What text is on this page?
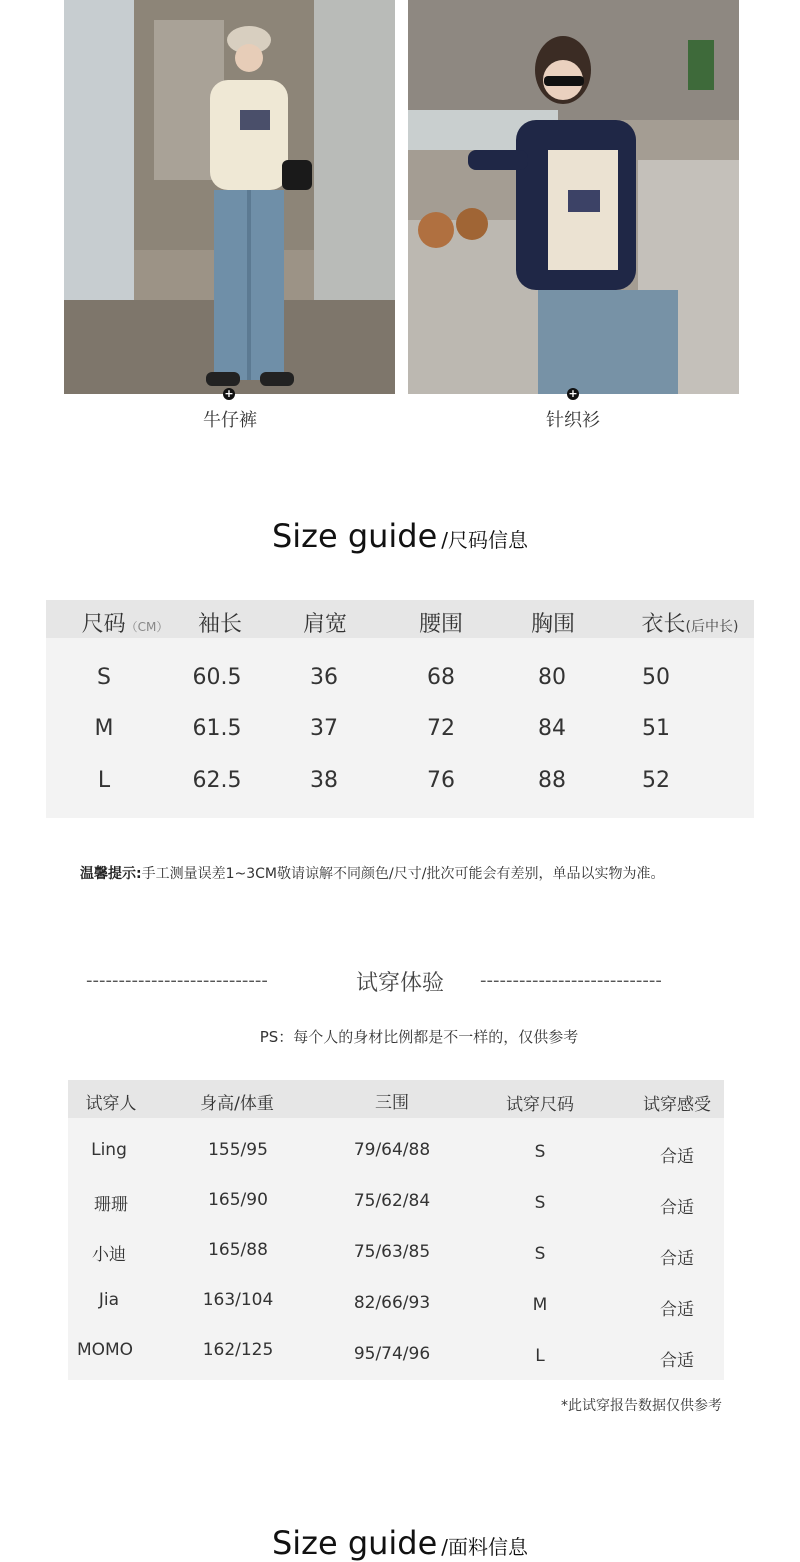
+
牛仔裤
+
针织衫
Size guide /尺码信息
尺码（CM） 袖长	肩宽	腰围	胸围	衣长(后中长)
S	60.5	36	68	80	50
M	61.5	37	72	84	51
L	62.5	38	76	88	52
温馨提示:手工测量误差1~3CM敬请谅解不同颜色/尺寸/批次可能会有差别，单品以实物为准。
----------------------------	试穿体验	----------------------------
PS：每个人的身材比例都是不一样的，仅供参考
试穿人	身高/体重	三围	试穿尺码	试穿感受
Ling	155/95	79/64/88	S	合适
珊珊	165/90	75/62/84	S	合适
小迪	165/88	75/63/85	S	合适
Jia	163/104	82/66/93	M	合适
MOMO	162/125	95/74/96	L	合适
*此试穿报告数据仅供参考
Size guide /面料信息
